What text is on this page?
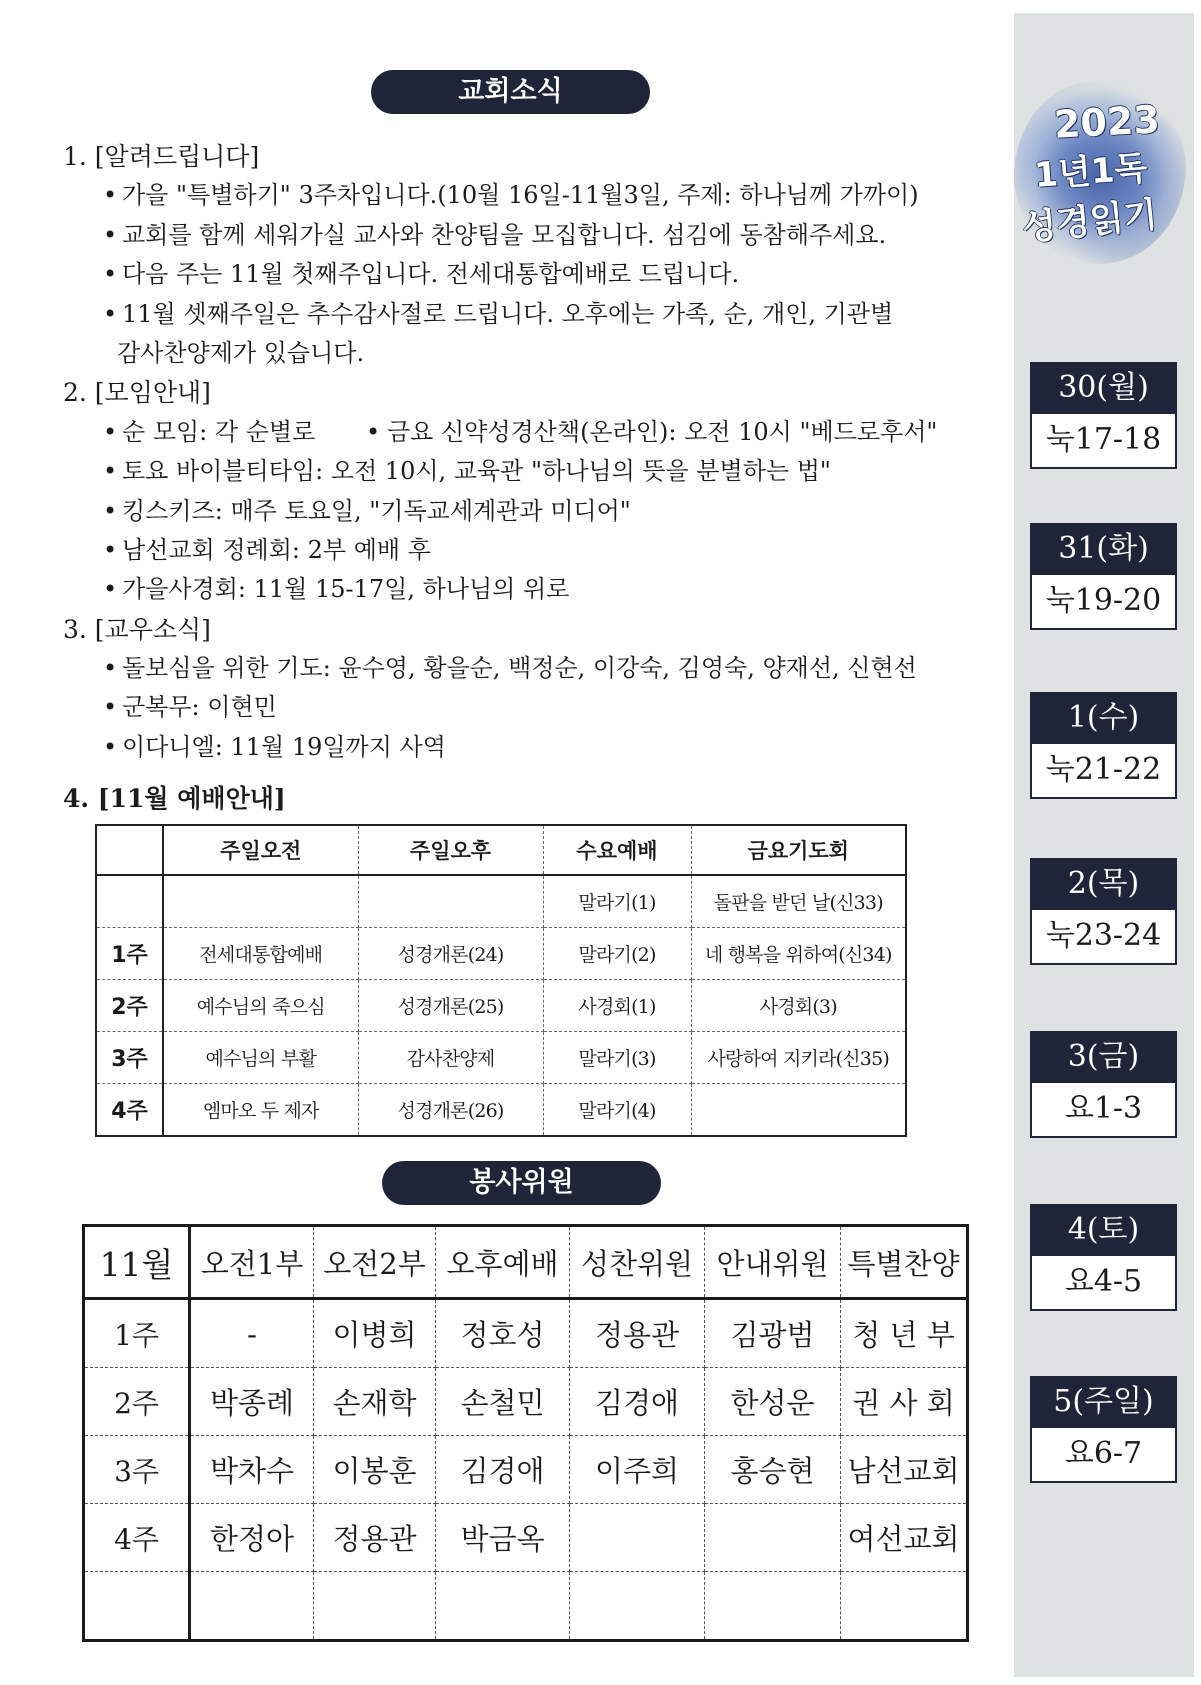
2023
1년1독
성경읽기
30(월)
눅17-18
31(화)
눅19-20
1(수)
눅21-22
2(목)
눅23-24
3(금)
요1-3
4(토)
요4-5
5(주일)
요6-7
교회소식
1. [알려드립니다]
• 가을 "특별하기" 3주차입니다.(10월 16일-11월3일, 주제: 하나님께 가까이)
• 교회를 함께 세워가실 교사와 찬양팀을 모집합니다. 섬김에 동참해주세요.
• 다음 주는 11월 첫째주입니다. 전세대통합예배로 드립니다.
• 11월 셋째주일은 추수감사절로 드립니다. 오후에는 가족, 순, 개인, 기관별
감사찬양제가 있습니다.
2. [모임안내]
• 순 모임: 각 순별로	• 금요 신약성경산책(온라인): 오전 10시 "베드로후서"
• 토요 바이블티타임: 오전 10시, 교육관 "하나님의 뜻을 분별하는 법"
• 킹스키즈: 매주 토요일, "기독교세계관과 미디어"
• 남선교회 정례회: 2부 예배 후
• 가을사경회: 11월 15-17일, 하나님의 위로
3. [교우소식]
• 돌보심을 위한 기도: 윤수영, 황을순, 백정순, 이강숙, 김영숙, 양재선, 신현선
• 군복무: 이현민
• 이다니엘: 11월 19일까지 사역
4. [11월 예배안내]
	주일오전	주일오후	수요예배	금요기도회
			말라기(1)	돌판을 받던 날(신33)
1주	전세대통합예배	성경개론(24)	말라기(2)	네 행복을 위하여(신34)
2주	예수님의 죽으심	성경개론(25)	사경회(1)	사경회(3)
3주	예수님의 부활	감사찬양제	말라기(3)	사랑하여 지키라(신35)
4주	엠마오 두 제자	성경개론(26)	말라기(4)	
봉사위원
11월	오전1부	오전2부	오후예배	성찬위원	안내위원	특별찬양
1주	-	이병희	정호성	정용관	김광범	청 년 부
2주	박종례	손재학	손철민	김경애	한성운	권 사 회
3주	박차수	이봉훈	김경애	이주희	홍승현	남선교회
4주	한정아	정용관	박금옥			여선교회
